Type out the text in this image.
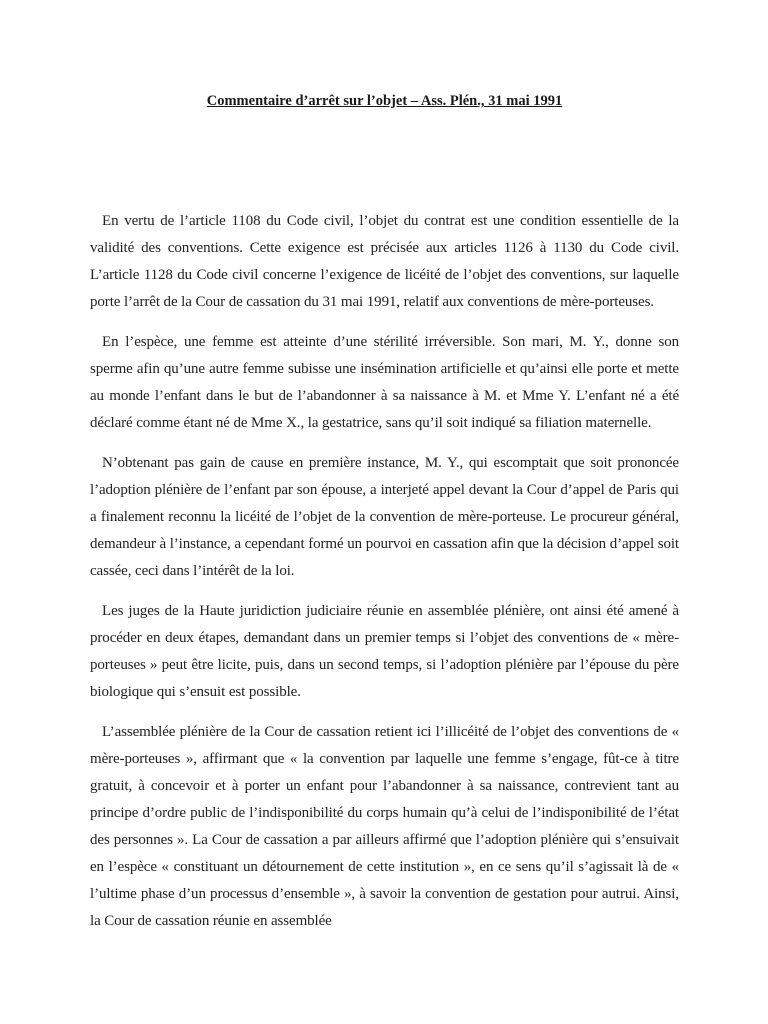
Commentaire d’arrêt sur l’objet – Ass. Plén., 31 mai 1991

En vertu de l’article 1108 du Code civil, l’objet du contrat est une condition essentielle de la validité des conventions. Cette exigence est précisée aux articles 1126 à 1130 du Code civil. L’article 1128 du Code civil concerne l’exigence de licéité de l’objet des conventions, sur laquelle porte l’arrêt de la Cour de cassation du 31 mai 1991, relatif aux conventions de mère-porteuses.

En l’espèce, une femme est atteinte d’une stérilité irréversible. Son mari, M. Y., donne son sperme afin qu’une autre femme subisse une insémination artificielle et qu’ainsi elle porte et mette au monde l’enfant dans le but de l’abandonner à sa naissance à M. et Mme Y. L’enfant né a été déclaré comme étant né de Mme X., la gestatrice, sans qu’il soit indiqué sa filiation maternelle.

N’obtenant pas gain de cause en première instance, M. Y., qui escomptait que soit prononcée l’adoption plénière de l’enfant par son épouse, a interjeté appel devant la Cour d’appel de Paris qui a finalement reconnu la licéité de l’objet de la convention de mère-porteuse. Le procureur général, demandeur à l’instance, a cependant formé un pourvoi en cassation afin que la décision d’appel soit cassée, ceci dans l’intérêt de la loi.

Les juges de la Haute juridiction judiciaire réunie en assemblée plénière, ont ainsi été amené à procéder en deux étapes, demandant dans un premier temps si l’objet des conventions de « mère-porteuses » peut être licite, puis, dans un second temps, si l’adoption plénière par l’épouse du père biologique qui s’ensuit est possible.

L’assemblée plénière de la Cour de cassation retient ici l’illicéité de l’objet des conventions de « mère-porteuses », affirmant que « la convention par laquelle une femme s’engage, fût-ce à titre gratuit, à concevoir et à porter un enfant pour l’abandonner à sa naissance, contrevient tant au principe d’ordre public de l’indisponibilité du corps humain qu’à celui de l’indisponibilité de l’état des personnes ». La Cour de cassation a par ailleurs affirmé que l’adoption plénière qui s’ensuivait en l’espèce « constituant un détournement de cette institution », en ce sens qu’il s’agissait là de « l’ultime phase d’un processus d’ensemble », à savoir la convention de gestation pour autrui. Ainsi, la Cour de cassation réunie en assemblée
